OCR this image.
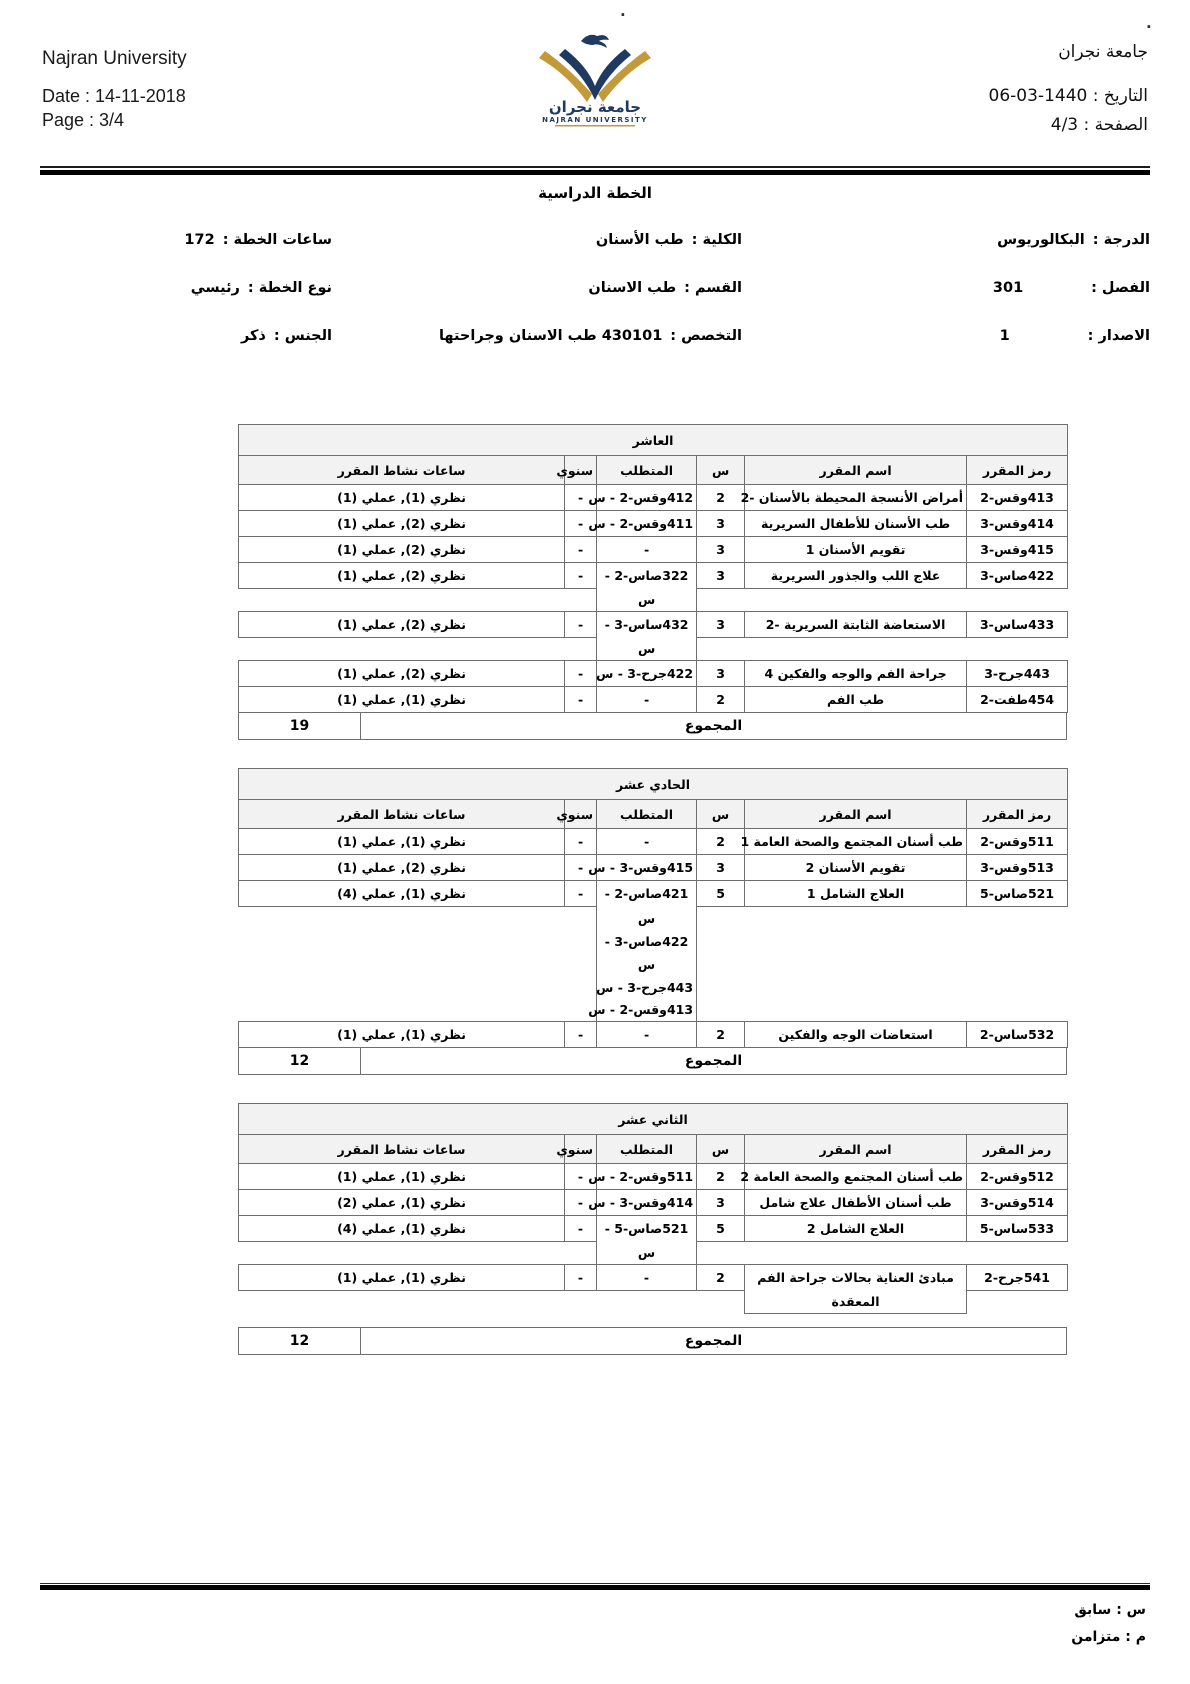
.
.
Najran University
Date : 14-11-2018
Page : 3/4
جامعة نجران
NAJRAN UNIVERSITY
جامعة نجران
التاريخ : 1440-03-06
الصفحة : 4/3
الخطة الدراسية
الدرجة :البكالوريوس
الفصل :301
الاصدار :1
الكلية :طب الأسنان
القسم :طب الاسنان
التخصص :430101 طب الاسنان وجراحتها
ساعات الخطة :172
نوع الخطة :رئيسي
الجنس :ذكر
العاشر					
رمز المقرر	اسم المقرر	س	المتطلب	سنوي	ساعات نشاط المقرر
413وقس-2	أمراض الأنسجة المحيطة بالأسنان -2	2	412وقس-2 - س	-	نظري (1), عملي (1)
414وقس-3	طب الأسنان للأطفال السريرية	3	411وقس-2 - س	-	نظري (2), عملي (1)
415وقس-3	تقويم الأسنان 1	3	-	-	نظري (2), عملي (1)
422صاس-3	علاج اللب والجذور السريرية	3	322صاس-2 -	-	نظري (2), عملي (1)
			س		
433ساس-3	الاستعاضة الثابتة السريرية -2	3	432ساس-3 -	-	نظري (2), عملي (1)
			س		
443جرح-3	جراحة الفم والوجه والفكين 4	3	422جرح-3 - س	-	نظري (2), عملي (1)
454طفت-2	طب الفم	2	-	-	نظري (1), عملي (1)
المجموع
19
الحادي عشر					
رمز المقرر	اسم المقرر	س	المتطلب	سنوي	ساعات نشاط المقرر
511وقس-2	طب أسنان المجتمع والصحة العامة 1	2	-	-	نظري (1), عملي (1)
513وقس-3	تقويم الأسنان 2	3	415وقس-3 - س	-	نظري (2), عملي (1)
521صاس-5	العلاج الشامل 1	5	421صاس-2 -	-	نظري (1), عملي (4)
			س		
			422صاس-3 -		
			س		
			443جرح-3 - س		
			413وقس-2 - س		
532ساس-2	استعاضات الوجه والفكين	2	-	-	نظري (1), عملي (1)
المجموع
12
الثاني عشر					
رمز المقرر	اسم المقرر	س	المتطلب	سنوي	ساعات نشاط المقرر
512وقس-2	طب أسنان المجتمع والصحة العامة 2	2	511وقس-2 - س	-	نظري (1), عملي (1)
514وقس-3	طب أسنان الأطفال علاج شامل	3	414وقس-3 - س	-	نظري (1), عملي (2)
533ساس-5	العلاج الشامل 2	5	521صاس-5 -	-	نظري (1), عملي (4)
			س		
541جرح-2	مبادئ العناية بحالات جراحة الفم	2	-	-	نظري (1), عملي (1)
	المعقدة				
المجموع
12
س : سابق
م : متزامن
